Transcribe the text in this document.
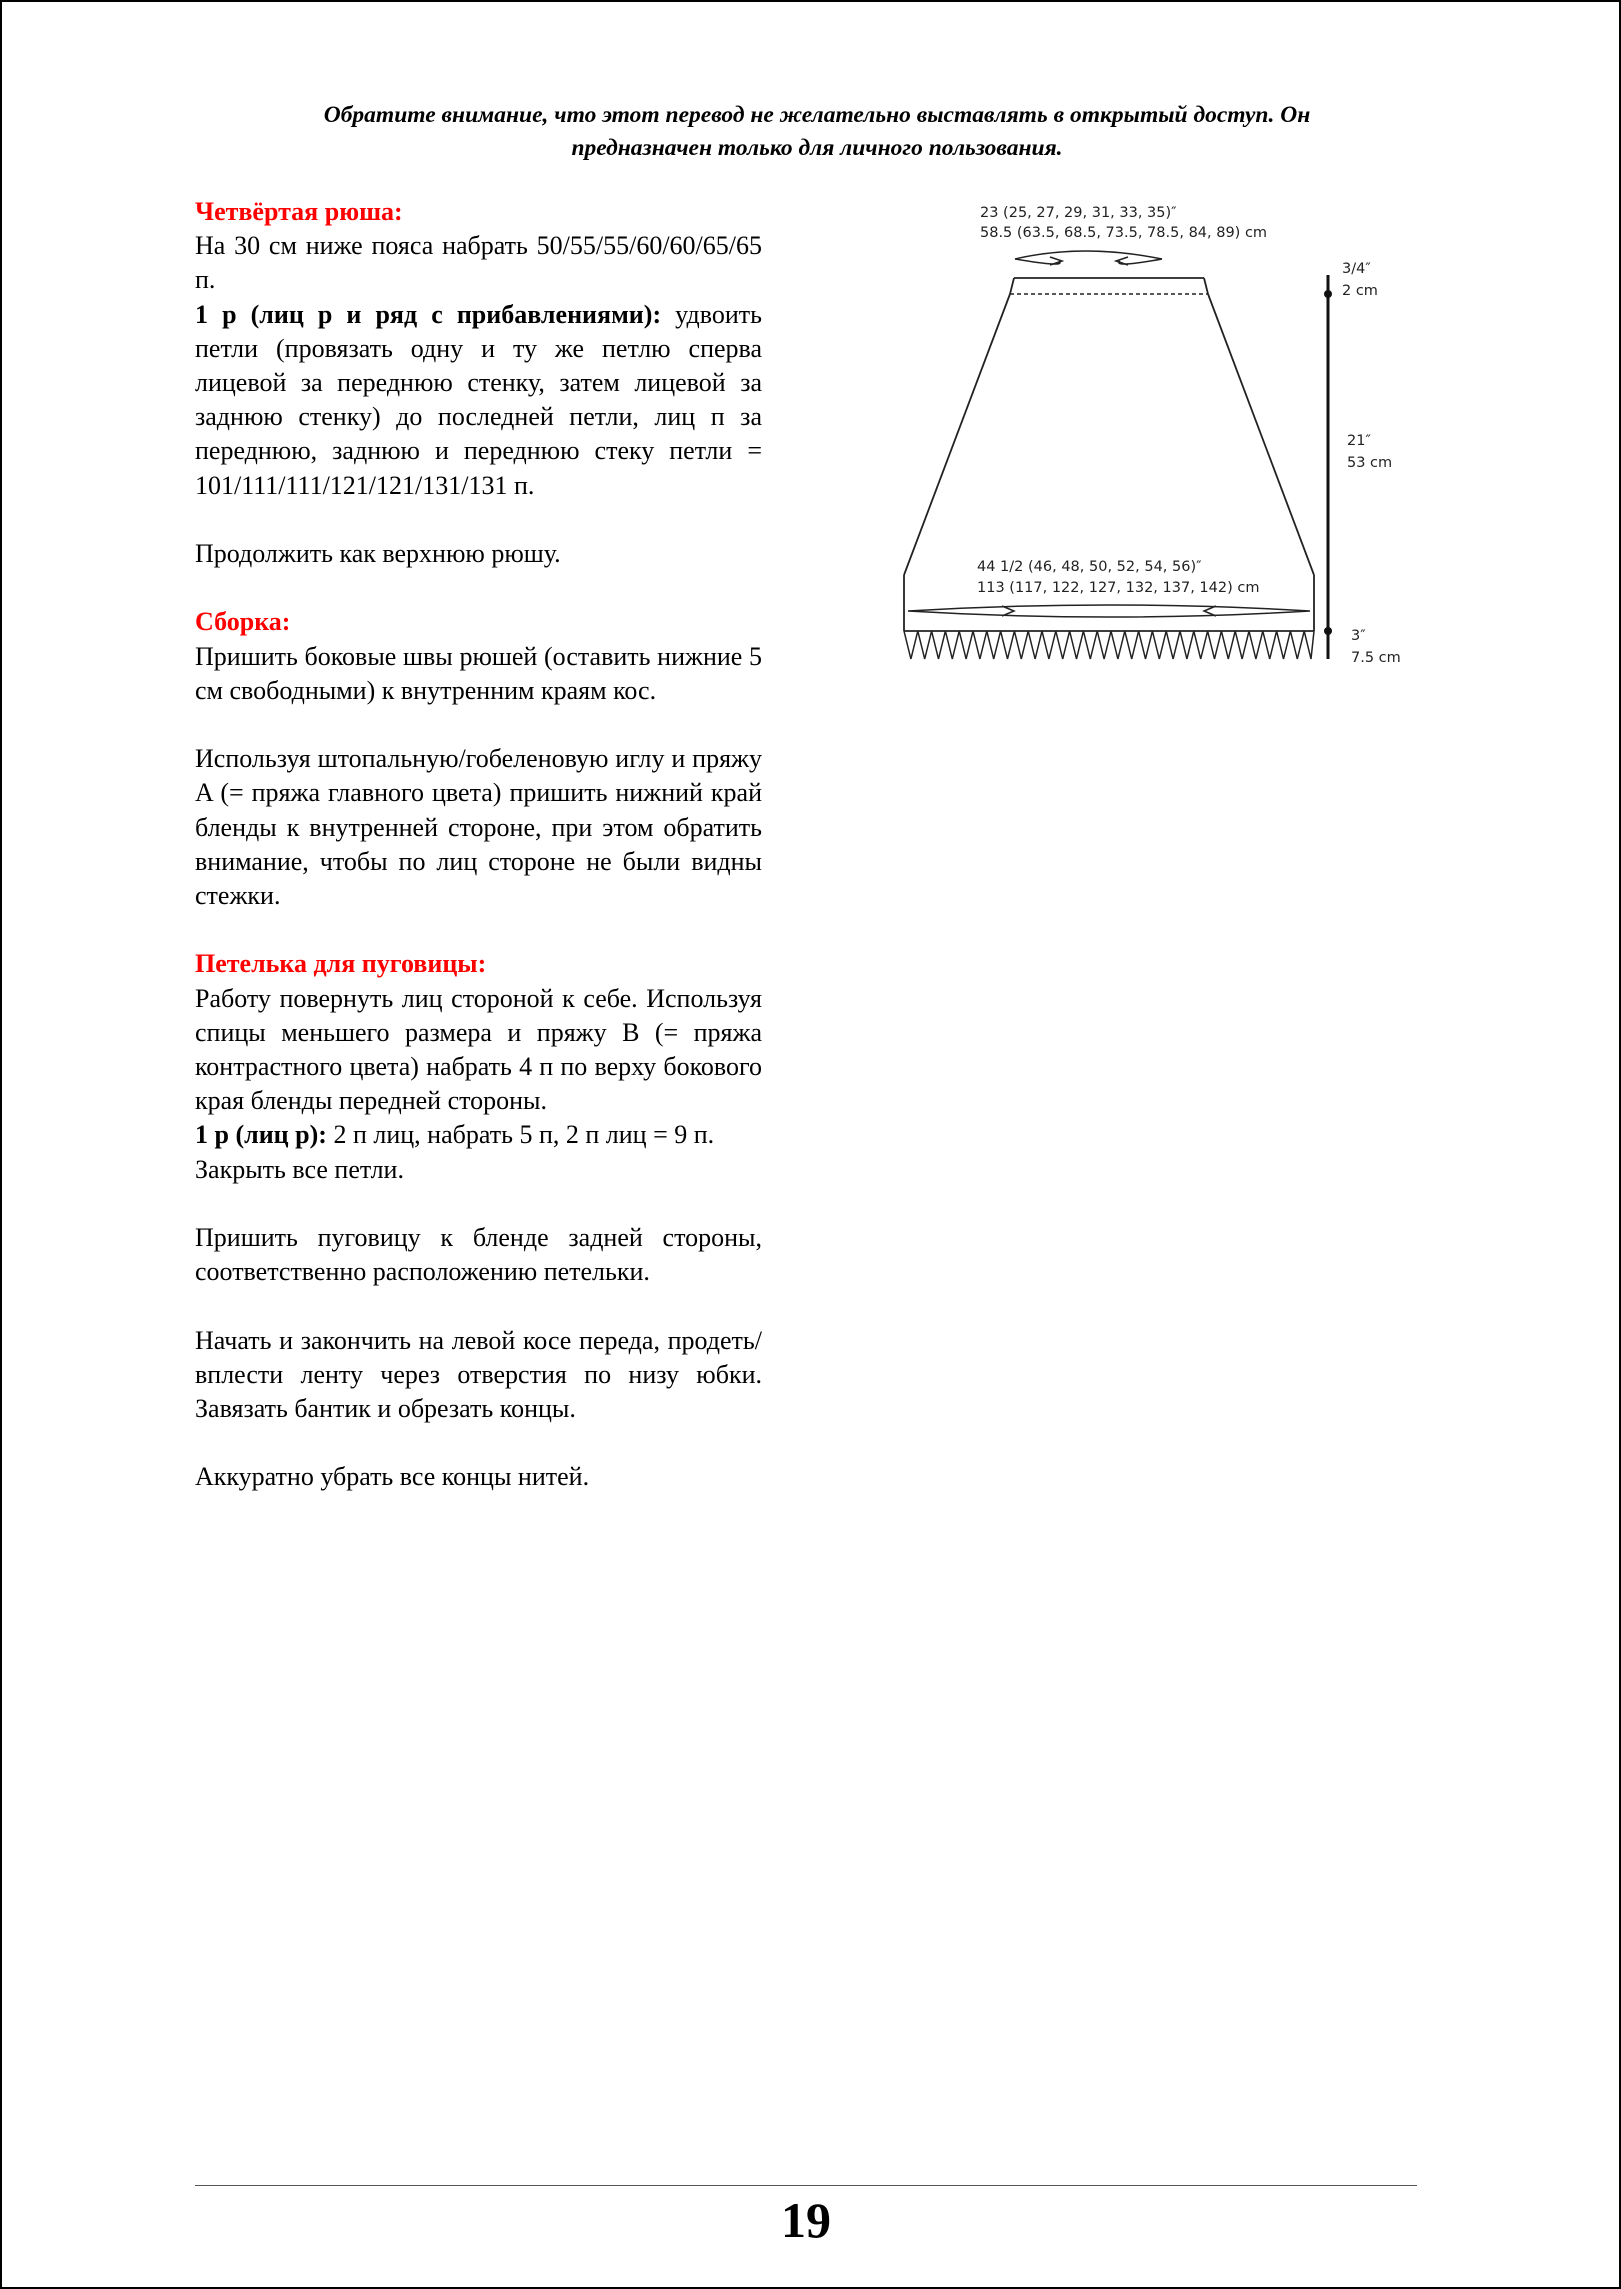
Обратите внимание, что этот перевод не желательно выставлять в открытый доступ. Он
предназначен только для личного пользования.

Четвёртая рюша:

На 30 см ниже пояса набрать 50/55/55/60/60/65/65 п.

1 р (лиц р и ряд с прибавлениями): удвоить петли (провязать одну и ту же петлю сперва лицевой за переднюю стенку, затем лицевой за заднюю стенку) до последней петли, лиц п за переднюю, заднюю и переднюю стеку петли = 101/111/111/121/121/131/131 п.

Продолжить как верхнюю рюшу.

Сборка:

Пришить боковые швы рюшей (оставить нижние 5 см свободными) к внутренним краям кос.

Используя штопальную/гобеленовую иглу и пряжу A (= пряжа главного цвета) пришить нижний край бленды к внутренней стороне, при этом обратить внимание, чтобы по лиц стороне не были видны стежки.

Петелька для пуговицы:

Работу повернуть лиц стороной к себе. Используя спицы меньшего размера и пряжу B (= пряжа контрастного цвета) набрать 4 п по верху бокового края бленды передней стороны.

1 р (лиц р): 2 п лиц, набрать 5 п, 2 п лиц = 9 п.

Закрыть все петли.

Пришить пуговицу к бленде задней стороны, соответственно расположению петельки.

Начать и закончить на левой косе переда, продеть/вплести ленту через отверстия по низу юбки. Завязать бантик и обрезать концы.

Аккуратно убрать все концы нитей.

23 (25, 27, 29, 31, 33, 35)″
58.5 (63.5, 68.5, 73.5, 78.5, 84, 89) cm
44 1/2 (46, 48, 50, 52, 54, 56)″
113 (117, 122, 127, 132, 137, 142) cm
3/4″
2 cm
21″
53 cm
3″
7.5 cm
19
